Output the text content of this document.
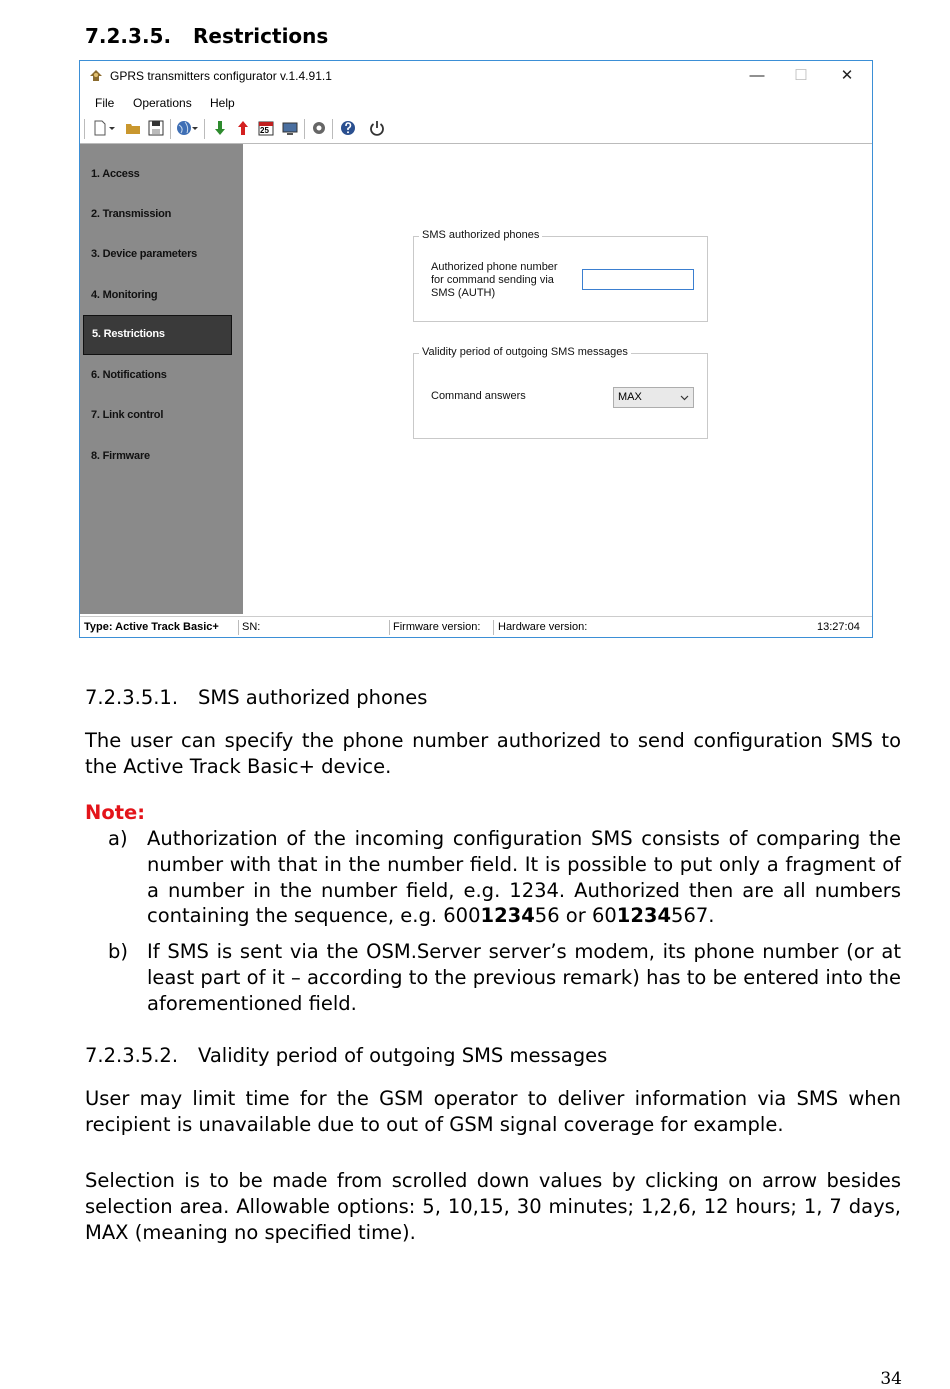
7.2.3.5. Restrictions
GPRS transmitters configurator v.1.4.91.1	—	☐	✕
File Operations Help
25
1. Access
2. Transmission
3. Device parameters
4. Monitoring
5. Restrictions
6. Notifications
7. Link control
8. Firmware
SMS authorized phones
Authorized phone number
for command sending via
SMS (AUTH)
Validity period of outgoing SMS messages
Command answers	MAX
Type: Active Track Basic+ SN:	Firmware version: Hardware version:	13:27:04
7.2.3.5.1. SMS authorized phones
The user can specify the phone number authorized to send configuration SMS to the Active Track Basic+ device.
Note:
a) Authorization of the incoming configuration SMS consists of comparing the number with that in the number field. It is possible to put only a fragment of a number in the number field, e.g. 1234. Authorized then are all numbers containing the sequence, e.g. 600123456 or 601234567.
b) If SMS is sent via the OSM.Server server’s modem, its phone number (or at least part of it – according to the previous remark) has to be entered into the aforementioned field.
7.2.3.5.2. Validity period of outgoing SMS messages
User may limit time for the GSM operator to deliver information via SMS when recipient is unavailable due to out of GSM signal coverage for example.
Selection is to be made from scrolled down values by clicking on arrow besides selection area. Allowable options: 5, 10,15, 30 minutes; 1,2,6, 12 hours; 1, 7 days, MAX (meaning no specified time).
34
